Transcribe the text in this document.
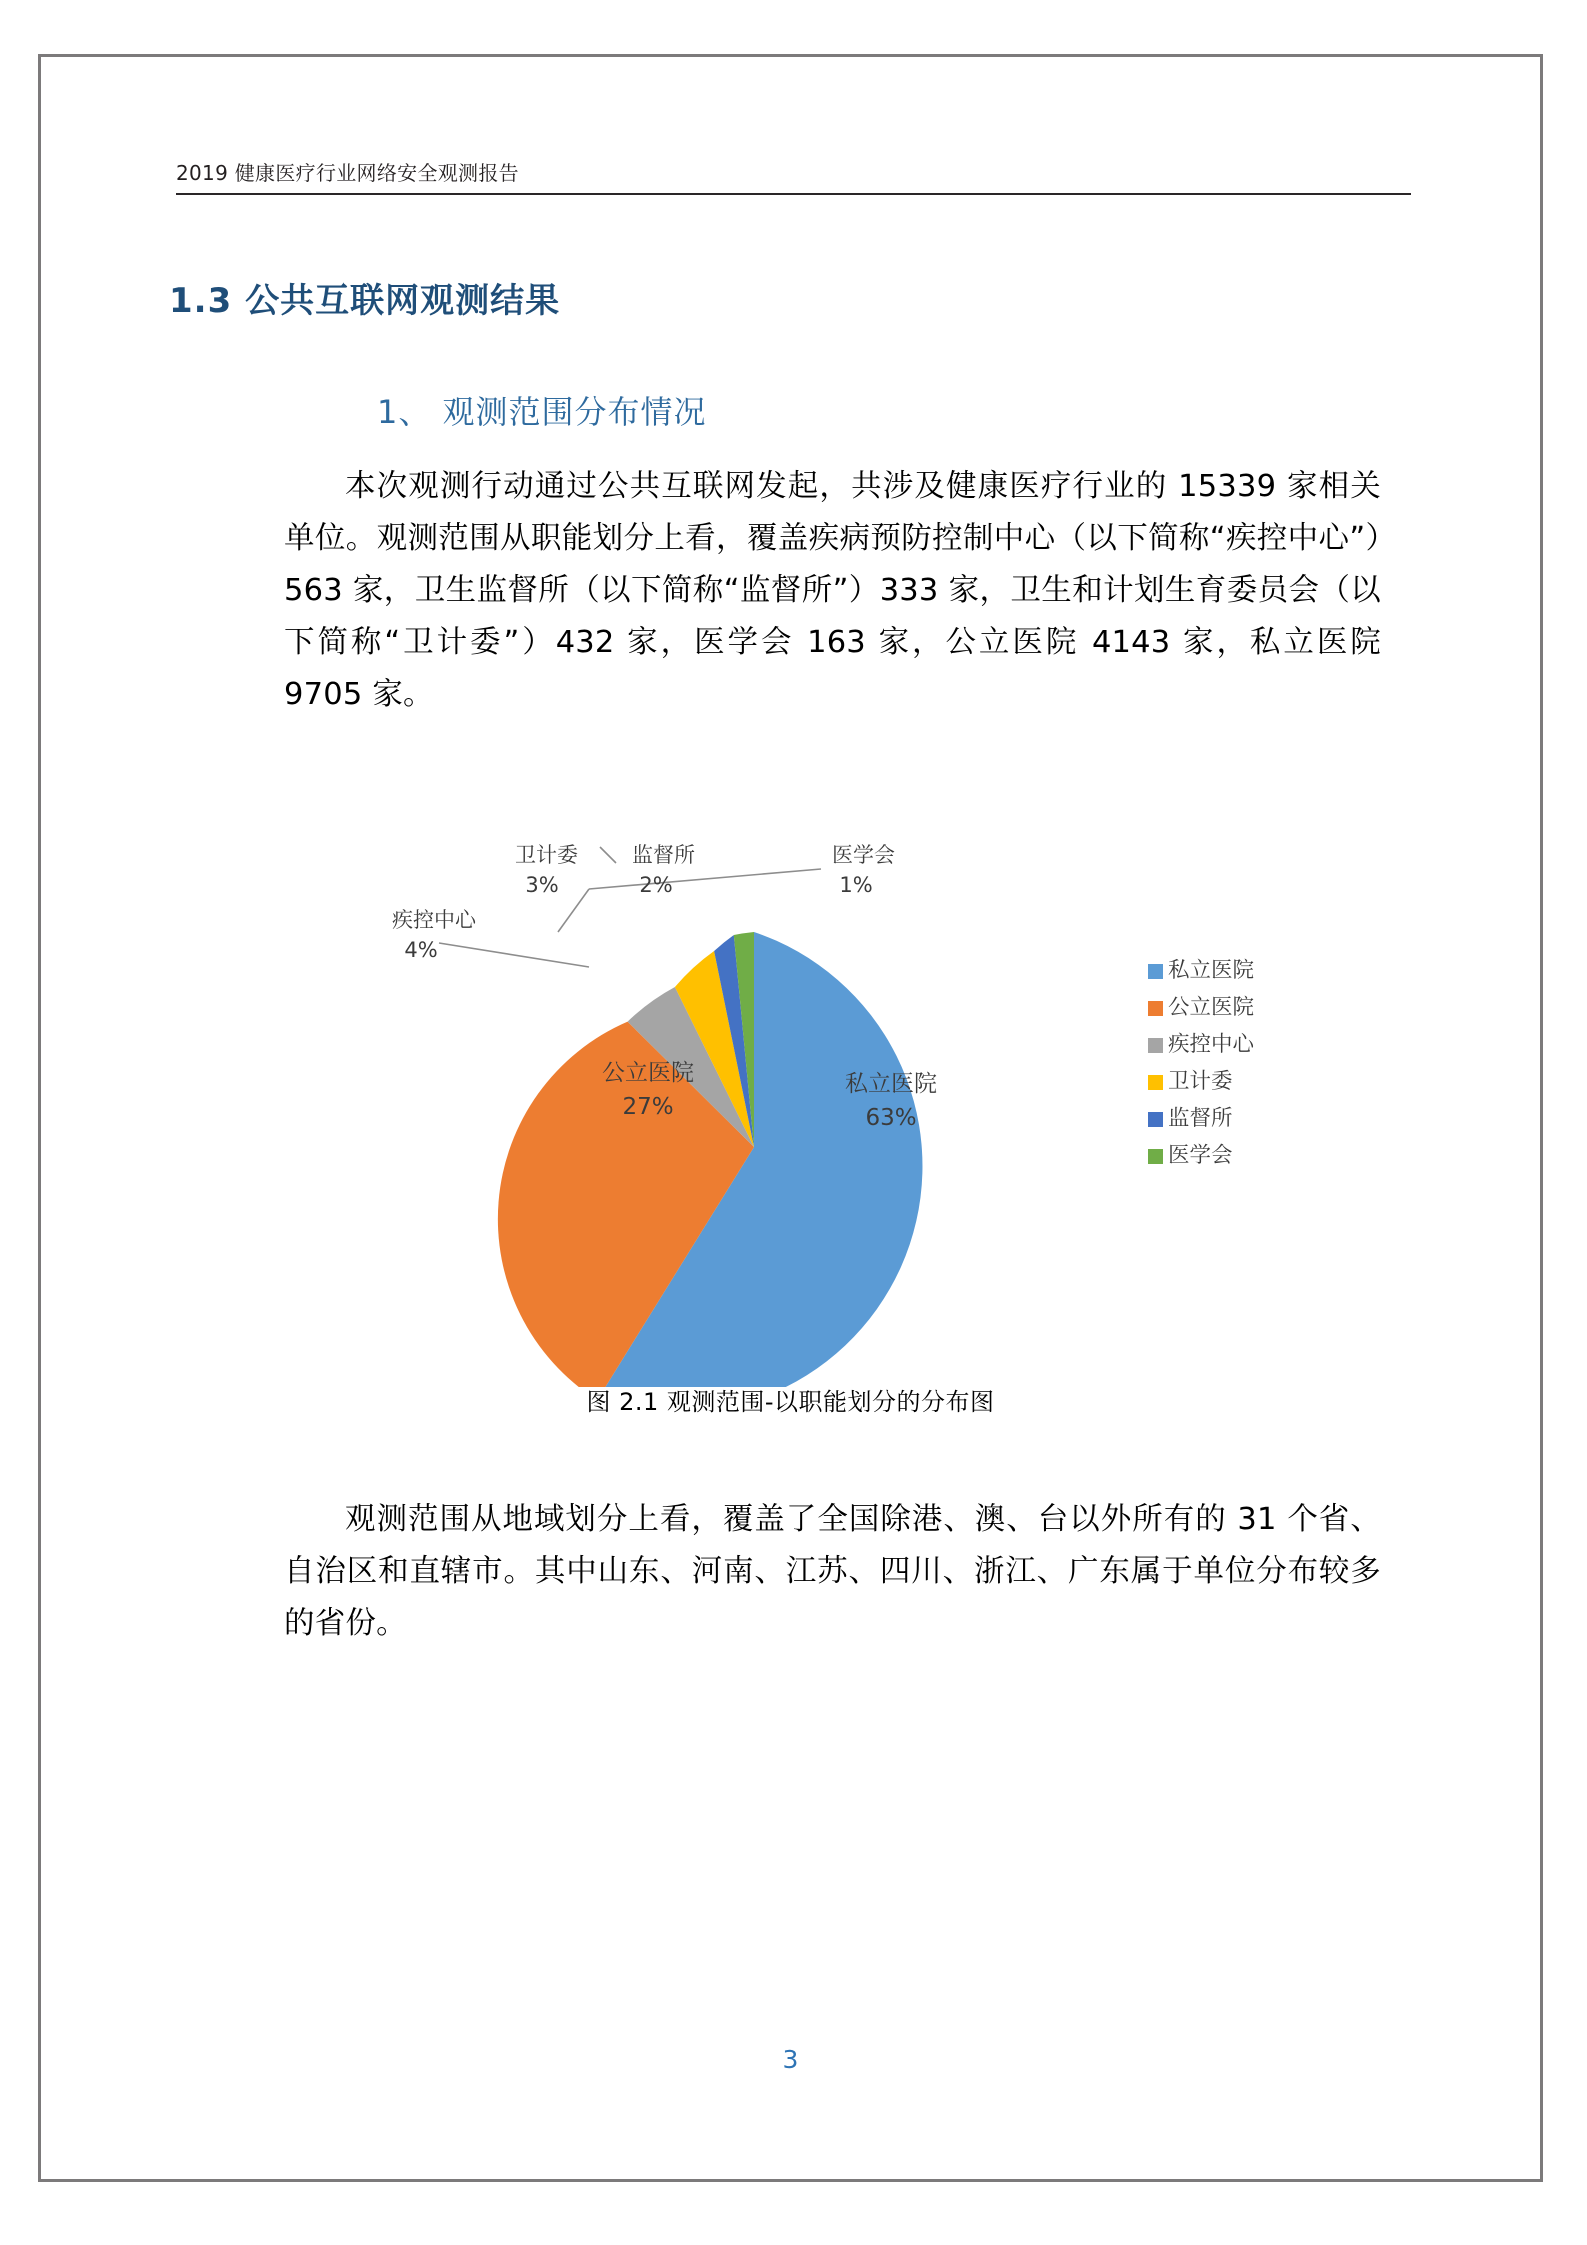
2019 健康医疗行业网络安全观测报告
1.3 公共互联网观测结果
1、 观测范围分布情况
本次观测行动通过公共互联网发起，共涉及健康医疗行业的 15339 家相关单位。观测范围从职能划分上看，覆盖疾病预防控制中心（以下简称“疾控中心”）563 家，卫生监督所（以下简称“监督所”）333 家，卫生和计划生育委员会（以下简称“卫计委”）432 家，医学会 163 家，公立医院 4143 家，私立医院 9705 家。
疾控中心
4%
卫计委
3%
监督所
2%
医学会
1%
公立医院
27%
私立医院
63%
私立医院
公立医院
疾控中心
卫计委
监督所
医学会
图 2.1 观测范围-以职能划分的分布图
观测范围从地域划分上看，覆盖了全国除港、澳、台以外所有的 31 个省、自治区和直辖市。其中山东、河南、江苏、四川、浙江、广东属于单位分布较多的省份。
3
